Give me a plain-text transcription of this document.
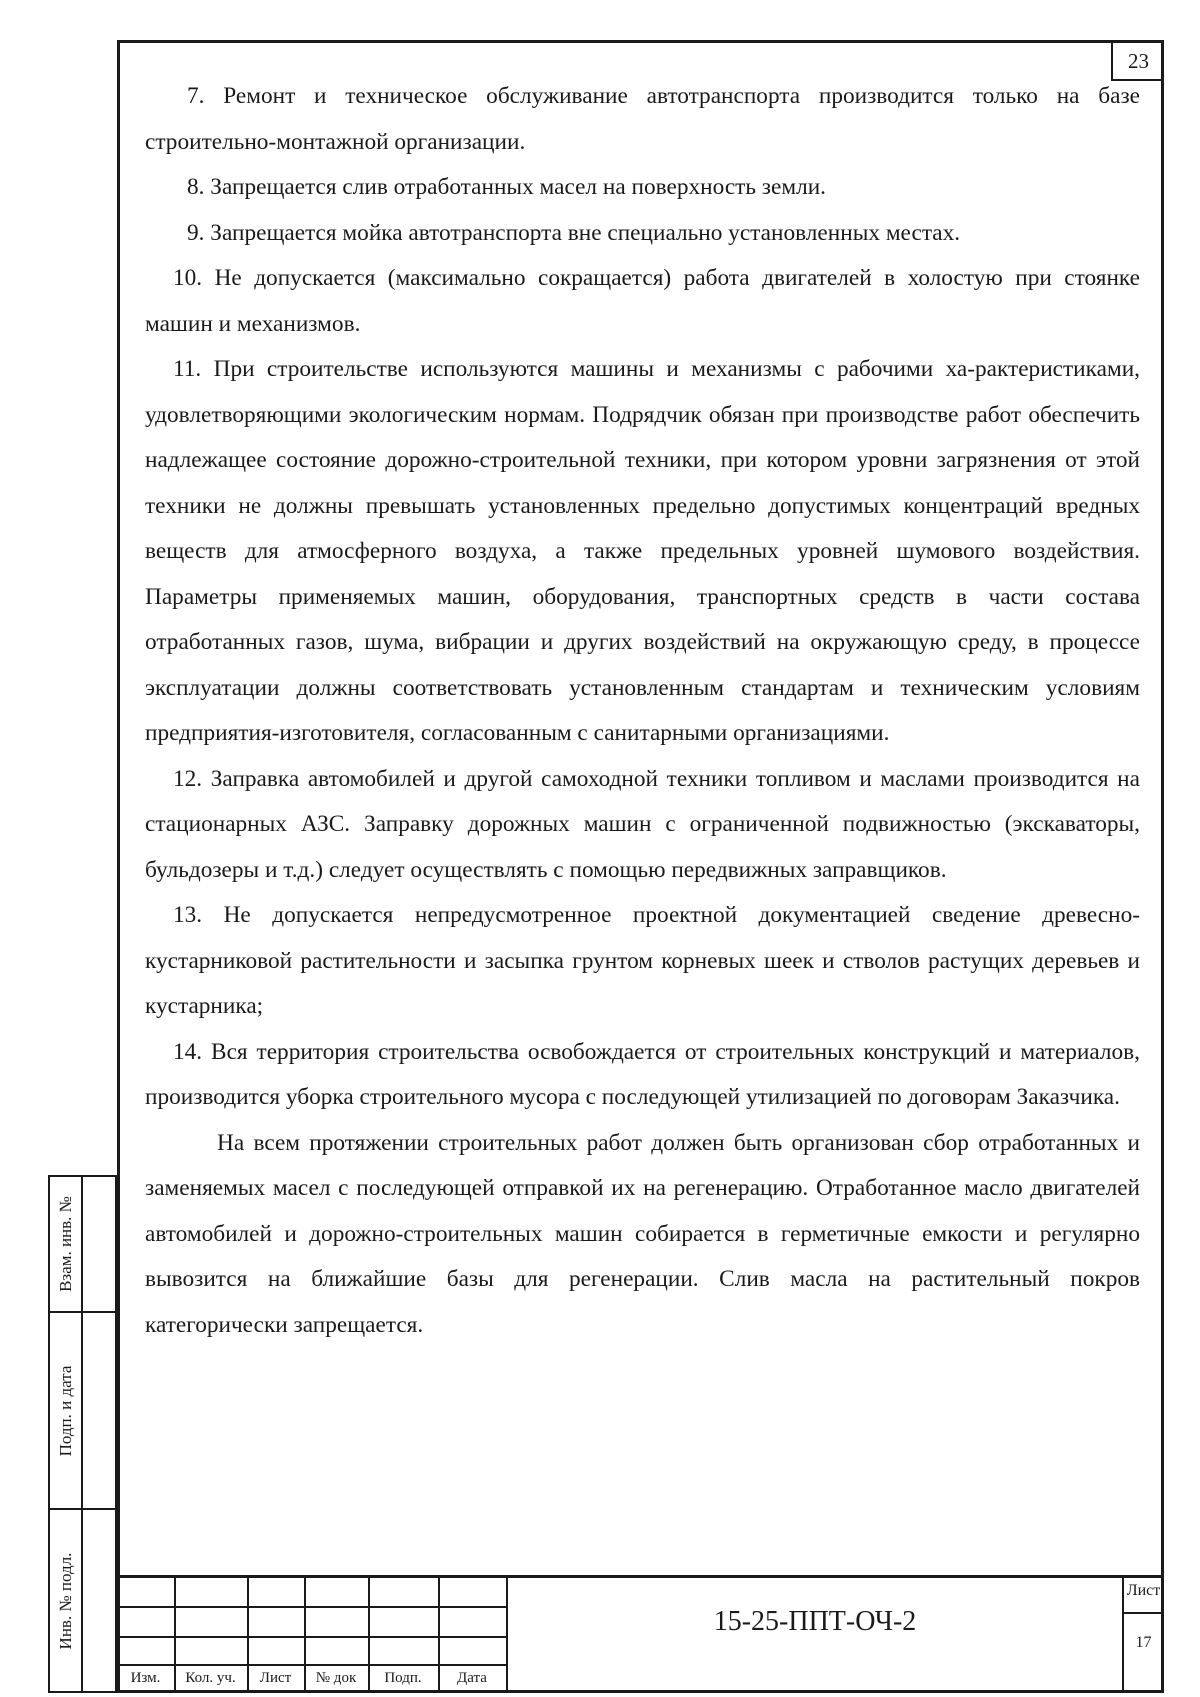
23

7. Ремонт и техническое обслуживание автотранспорта производится только на базе строительно-монтажной организации.

8. Запрещается слив отработанных масел на поверхность земли.

9. Запрещается мойка автотранспорта вне специально установленных местах.

10. Не допускается (максимально сокращается) работа двигателей в холостую при стоянке машин и механизмов.

11. При строительстве используются машины и механизмы с рабочими ха-рактеристиками, удовлетворяющими экологическим нормам. Подрядчик обязан при производстве работ обеспечить надлежащее состояние дорожно-строительной техники, при котором уровни загрязнения от этой техники не должны превышать установленных предельно допустимых концентраций вредных веществ для атмосферного воздуха, а также предельных уровней шумового воздействия. Параметры применяемых машин, оборудования, транспортных средств в части состава отработанных газов, шума, вибрации и других воздействий на окружающую среду, в процессе эксплуатации должны соответствовать установленным стандартам и техническим условиям предприятия-изготовителя, согласованным с санитарными организациями.

12. Заправка автомобилей и другой самоходной техники топливом и маслами производится на стационарных АЗС. Заправку дорожных машин с ограниченной подвижностью (экскаваторы, бульдозеры и т.д.) следует осуществлять с помощью передвижных заправщиков.

13. Не допускается непредусмотренное проектной документацией сведение древесно-кустарниковой растительности и засыпка грунтом корневых шеек и стволов растущих деревьев и кустарника;

14. Вся территория строительства освобождается от строительных конструкций и материалов, производится уборка строительного мусора с последующей утилизацией по договорам Заказчика.

На всем протяжении строительных работ должен быть организован сбор отработанных и заменяемых масел с последующей отправкой их на регенерацию. Отработанное масло двигателей автомобилей и дорожно-строительных машин собирается в герметичные емкости и регулярно вывозится на ближайшие базы для регенерации. Слив масла на растительный покров категорически запрещается.

Взам. инв. №
Подп. и дата
Инв. № подл.
Изм.	Кол. уч.	Лист	№ док	Подп.	Дата
15-25-ППТ-ОЧ-2
Лист
17
